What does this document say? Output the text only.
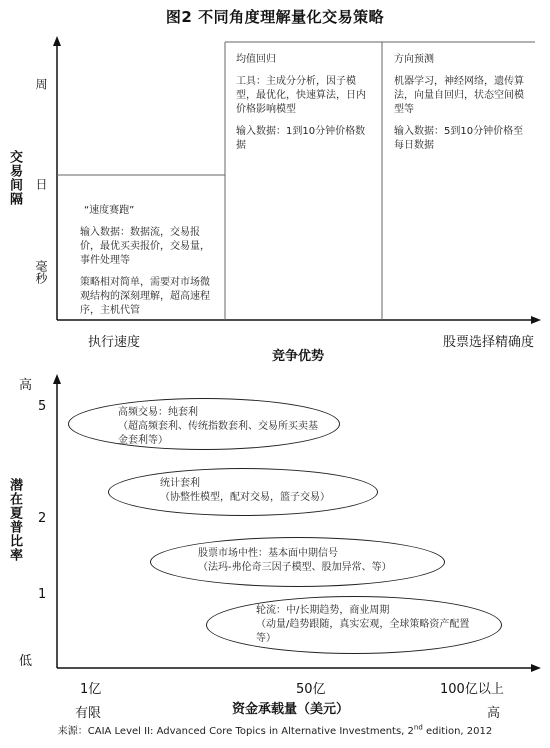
图2 不同角度理解量化交易策略
交易间隔
周
日
毫秒

“速度赛跑”

输入数据：数据流，交易报价，最优买卖报价，交易量，事件处理等

策略相对简单，需要对市场微观结构的深刻理解，超高速程序，主机代管

均值回归

工具：主成分分析，因子模型，最优化，快速算法，日内价格影响模型

输入数据：1到10分钟价格数据

方向预测

机器学习，神经网络，遗传算法，向量自回归，状态空间模型等

输入数据：5到10分钟价格至每日数据

执行速度
竞争优势
股票选择精确度
高
低
潜在夏普比率
5
2
1
高频交易：纯套利
（超高频套利、传统指数套利、交易所买卖基金套利等）
统计套利
（协整性模型，配对交易，篮子交易）
股票市场中性：基本面中期信号
（法玛-弗伦奇三因子模型、股加异常、等）
轮流：中/长期趋势，商业周期
（动量/趋势跟随，真实宏观，全球策略资产配置等）
1亿	50亿	100亿以上
有限	资金承载量（美元）	高
来源：CAIA Level II: Advanced Core Topics in Alternative Investments, 2nd edition, 2012
